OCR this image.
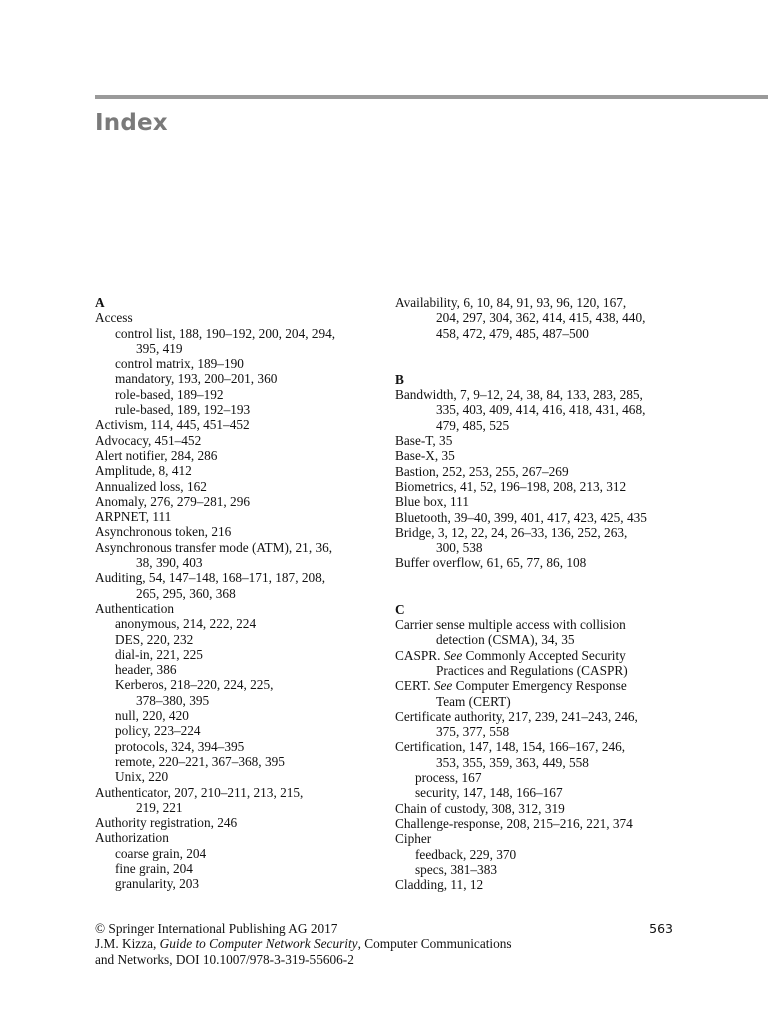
Index
A
Access
control list, 188, 190–192, 200, 204, 294,
395, 419
control matrix, 189–190
mandatory, 193, 200–201, 360
role-based, 189–192
rule-based, 189, 192–193
Activism, 114, 445, 451–452
Advocacy, 451–452
Alert notifier, 284, 286
Amplitude, 8, 412
Annualized loss, 162
Anomaly, 276, 279–281, 296
ARPNET, 111
Asynchronous token, 216
Asynchronous transfer mode (ATM), 21, 36,
38, 390, 403
Auditing, 54, 147–148, 168–171, 187, 208,
265, 295, 360, 368
Authentication
anonymous, 214, 222, 224
DES, 220, 232
dial-in, 221, 225
header, 386
Kerberos, 218–220, 224, 225,
378–380, 395
null, 220, 420
policy, 223–224
protocols, 324, 394–395
remote, 220–221, 367–368, 395
Unix, 220
Authenticator, 207, 210–211, 213, 215,
219, 221
Authority registration, 246
Authorization
coarse grain, 204
fine grain, 204
granularity, 203
Availability, 6, 10, 84, 91, 93, 96, 120, 167,
204, 297, 304, 362, 414, 415, 438, 440,
458, 472, 479, 485, 487–500
B
Bandwidth, 7, 9–12, 24, 38, 84, 133, 283, 285,
335, 403, 409, 414, 416, 418, 431, 468,
479, 485, 525
Base-T, 35
Base-X, 35
Bastion, 252, 253, 255, 267–269
Biometrics, 41, 52, 196–198, 208, 213, 312
Blue box, 111
Bluetooth, 39–40, 399, 401, 417, 423, 425, 435
Bridge, 3, 12, 22, 24, 26–33, 136, 252, 263,
300, 538
Buffer overflow, 61, 65, 77, 86, 108
C
Carrier sense multiple access with collision
detection (CSMA), 34, 35
CASPR. See Commonly Accepted Security
Practices and Regulations (CASPR)
CERT. See Computer Emergency Response
Team (CERT)
Certificate authority, 217, 239, 241–243, 246,
375, 377, 558
Certification, 147, 148, 154, 166–167, 246,
353, 355, 359, 363, 449, 558
process, 167
security, 147, 148, 166–167
Chain of custody, 308, 312, 319
Challenge-response, 208, 215–216, 221, 374
Cipher
feedback, 229, 370
specs, 381–383
Cladding, 11, 12
© Springer International Publishing AG 2017	563
J.M. Kizza, Guide to Computer Network Security, Computer Communications
and Networks, DOI 10.1007/978-3-319-55606-2
